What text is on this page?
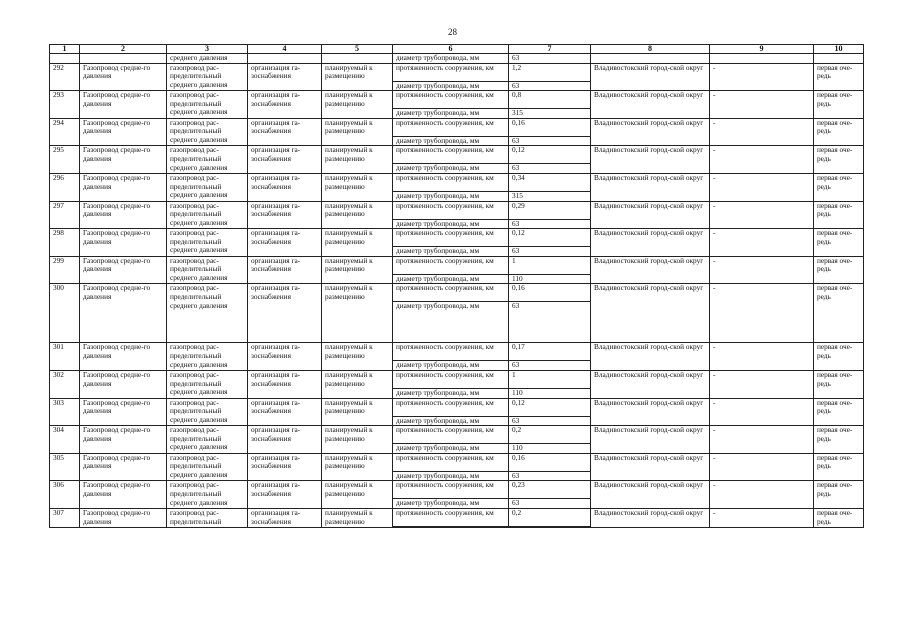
28
1	2	3	4	5	6	7	8	9	10
		среднего давления			диаметр трубопровода, мм	63			
292	Газопровод средне-го давления	газопровод рас-пределительный среднего давления	организация га-зоснабжения	планируемый к размещению	протяженность сооружения, км	1,2	Владивостокский город-ской округ	-	первая оче-редь
					диаметр трубопровода, мм	63			
293	Газопровод средне-го давления	газопровод рас-пределительный среднего давления	организация га-зоснабжения	планируемый к размещению	протяженность сооружения, км	0,8	Владивостокский город-ской округ	-	первая оче-редь
					диаметр трубопровода, мм	315			
294	Газопровод средне-го давления	газопровод рас-пределительный среднего давления	организация га-зоснабжения	планируемый к размещению	протяженность сооружения, км	0,16	Владивостокский город-ской округ	-	первая оче-редь
					диаметр трубопровода, мм	63			
295	Газопровод средне-го давления	газопровод рас-пределительный среднего давления	организация га-зоснабжения	планируемый к размещению	протяженность сооружения, км	0,12	Владивостокский город-ской округ	-	первая оче-редь
					диаметр трубопровода, мм	63			
296	Газопровод средне-го давления	газопровод рас-пределительный среднего давления	организация га-зоснабжения	планируемый к размещению	протяженность сооружения, км	0,34	Владивостокский город-ской округ	-	первая оче-редь
					диаметр трубопровода, мм	315			
297	Газопровод средне-го давления	газопровод рас-пределительный среднего давления	организация га-зоснабжения	планируемый к размещению	протяженность сооружения, км	0,29	Владивостокский город-ской округ	-	первая оче-редь
					диаметр трубопровода, мм	63			
298	Газопровод средне-го давления	газопровод рас-пределительный среднего давления	организация га-зоснабжения	планируемый к размещению	протяженность сооружения, км	0,12	Владивостокский город-ской округ	-	первая оче-редь
					диаметр трубопровода, мм	63			
299	Газопровод средне-го давления	газопровод рас-пределительный среднего давления	организация га-зоснабжения	планируемый к размещению	протяженность сооружения, км	1	Владивостокский город-ской округ	-	первая оче-редь
					диаметр трубопровода, мм	110			
300	Газопровод средне-го давления	газопровод рас-пределительный среднего давления	организация га-зоснабжения	планируемый к размещению	протяженность сооружения, км	0,16	Владивостокский город-ской округ	-	первая оче-редь
					диаметр трубопровода, мм	63			
301	Газопровод средне-го давления	газопровод рас-пределительный среднего давления	организация га-зоснабжения	планируемый к размещению	протяженность сооружения, км	0,17	Владивостокский город-ской округ	-	первая оче-редь
					диаметр трубопровода, мм	63			
302	Газопровод средне-го давления	газопровод рас-пределительный среднего давления	организация га-зоснабжения	планируемый к размещению	протяженность сооружения, км	1	Владивостокский город-ской округ	-	первая оче-редь
					диаметр трубопровода, мм	110			
303	Газопровод средне-го давления	газопровод рас-пределительный среднего давления	организация га-зоснабжения	планируемый к размещению	протяженность сооружения, км	0,12	Владивостокский город-ской округ	-	первая оче-редь
					диаметр трубопровода, мм	63			
304	Газопровод средне-го давления	газопровод рас-пределительный среднего давления	организация га-зоснабжения	планируемый к размещению	протяженность сооружения, км	0,2	Владивостокский город-ской округ	-	первая оче-редь
					диаметр трубопровода, мм	110			
305	Газопровод средне-го давления	газопровод рас-пределительный среднего давления	организация га-зоснабжения	планируемый к размещению	протяженность сооружения, км	0,16	Владивостокский город-ской округ	-	первая оче-редь
					диаметр трубопровода, мм	63			
306	Газопровод средне-го давления	газопровод рас-пределительный среднего давления	организация га-зоснабжения	планируемый к размещению	протяженность сооружения, км	0,23	Владивостокский город-ской округ	-	первая оче-редь
					диаметр трубопровода, мм	63			
307	Газопровод средне-го давления	газопровод рас-пределительный	организация га-зоснабжения	планируемый к размещению	протяженность сооружения, км	0,2	Владивостокский город-ской округ	-	первая оче-редь
